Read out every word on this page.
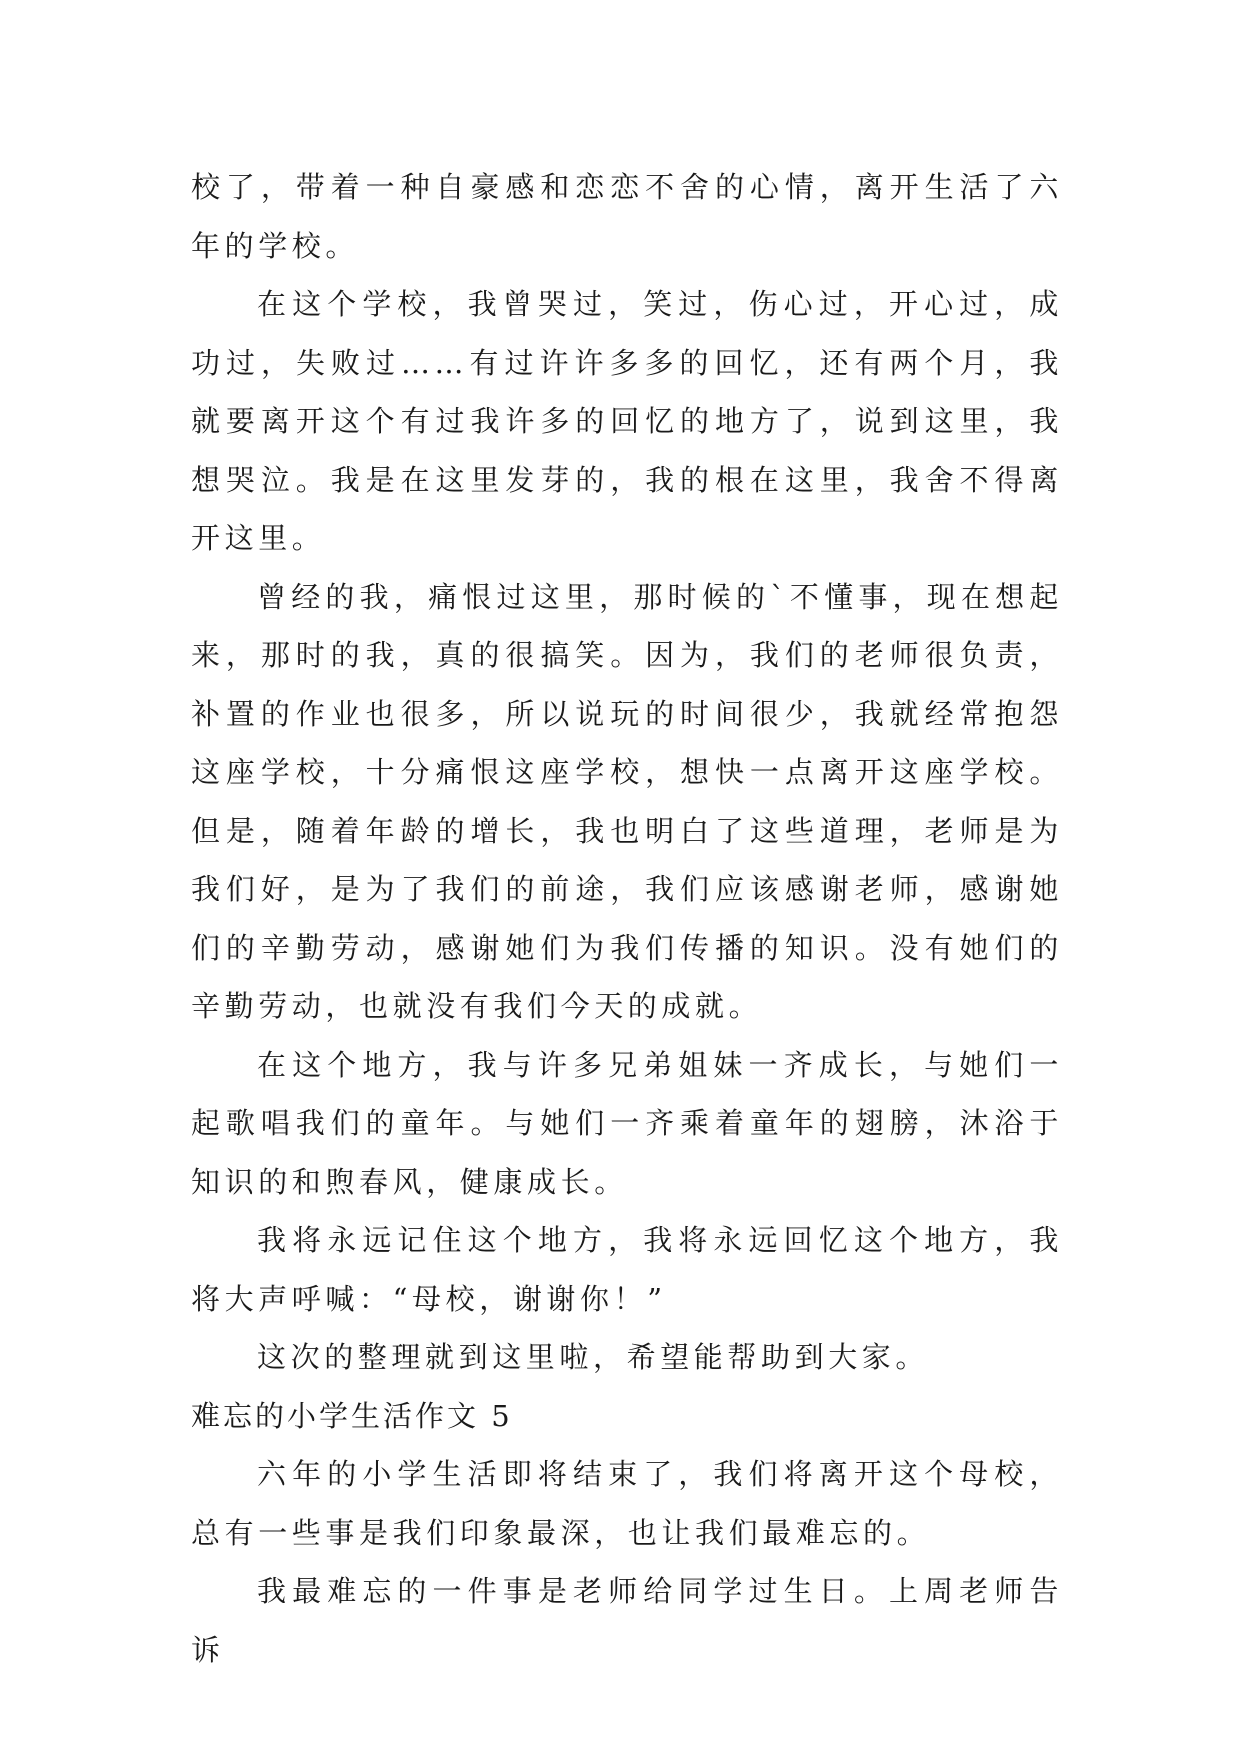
校了，带着一种自豪感和恋恋不舍的心情，离开生活了六年的学校。

在这个学校，我曾哭过，笑过，伤心过，开心过，成功过，失败过……有过许许多多的回忆，还有两个月，我就要离开这个有过我许多的回忆的地方了，说到这里，我想哭泣。我是在这里发芽的，我的根在这里，我舍不得离开这里。

曾经的我，痛恨过这里，那时候的`不懂事，现在想起来，那时的我，真的很搞笑。因为，我们的老师很负责，补置的作业也很多，所以说玩的时间很少，我就经常抱怨这座学校，十分痛恨这座学校，想快一点离开这座学校。但是，随着年龄的增长，我也明白了这些道理，老师是为我们好，是为了我们的前途，我们应该感谢老师，感谢她们的辛勤劳动，感谢她们为我们传播的知识。没有她们的辛勤劳动，也就没有我们今天的成就。

在这个地方，我与许多兄弟姐妹一齐成长，与她们一起歌唱我们的童年。与她们一齐乘着童年的翅膀，沐浴于知识的和煦春风，健康成长。

我将永远记住这个地方，我将永远回忆这个地方，我将大声呼喊：“母校，谢谢你！”

这次的整理就到这里啦，希望能帮助到大家。

难忘的小学生活作文 5

六年的小学生活即将结束了，我们将离开这个母校，总有一些事是我们印象最深，也让我们最难忘的。

我最难忘的一件事是老师给同学过生日。上周老师告诉
